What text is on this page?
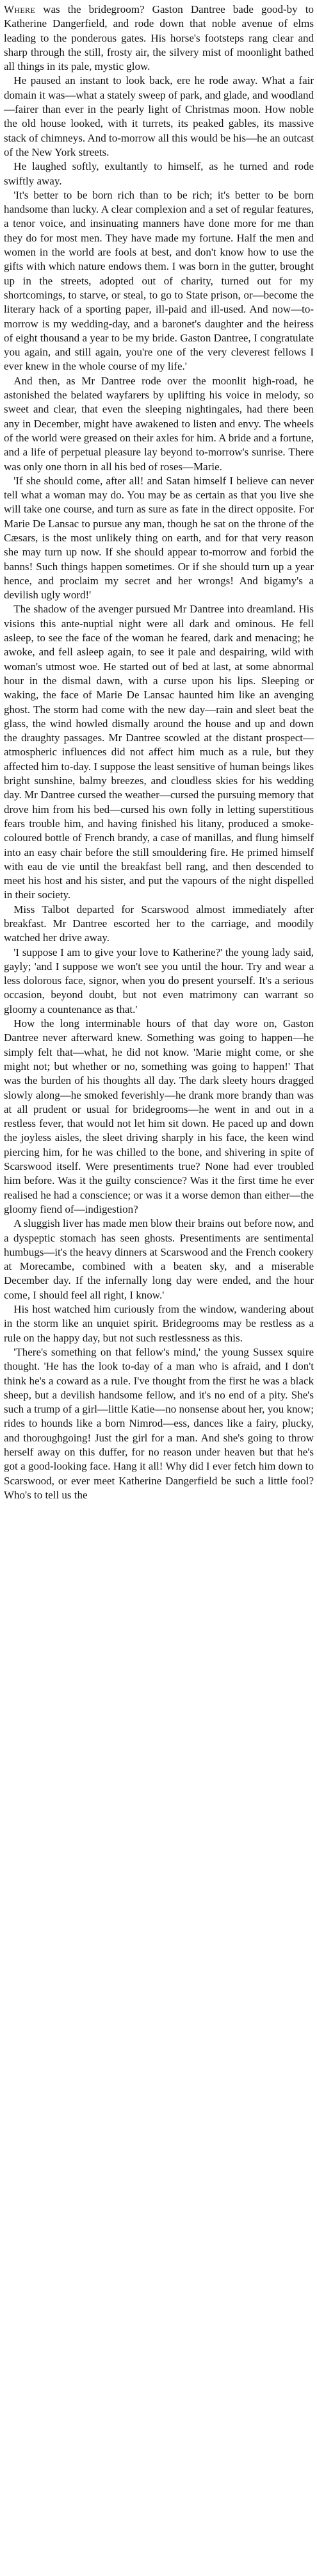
Where was the bridegroom? Gaston Dantree bade good-by to Katherine Dangerfield, and rode down that noble avenue of elms leading to the ponderous gates. His horse's footsteps rang clear and sharp through the still, frosty air, the silvery mist of moonlight bathed all things in its pale, mystic glow.

He paused an instant to look back, ere he rode away. What a fair domain it was—what a stately sweep of park, and glade, and woodland—fairer than ever in the pearly light of Christmas moon. How noble the old house looked, with it turrets, its peaked gables, its massive stack of chimneys. And to-morrow all this would be his—he an outcast of the New York streets.

He laughed softly, exultantly to himself, as he turned and rode swiftly away.

'It's better to be born rich than to be rich; it's better to be born handsome than lucky. A clear complexion and a set of regular features, a tenor voice, and insinuating manners have done more for me than they do for most men. They have made my fortune. Half the men and women in the world are fools at best, and don't know how to use the gifts with which nature endows them. I was born in the gutter, brought up in the streets, adopted out of charity, turned out for my shortcomings, to starve, or steal, to go to State prison, or—become the literary hack of a sporting paper, ill-paid and ill-used. And now—to-morrow is my wedding-day, and a baronet's daughter and the heiress of eight thousand a year to be my bride. Gaston Dantree, I congratulate you again, and still again, you're one of the very cleverest fellows I ever knew in the whole course of my life.'

And then, as Mr Dantree rode over the moonlit high-road, he astonished the belated wayfarers by uplifting his voice in melody, so sweet and clear, that even the sleeping nightingales, had there been any in December, might have awakened to listen and envy. The wheels of the world were greased on their axles for him. A bride and a fortune, and a life of perpetual pleasure lay beyond to-morrow's sunrise. There was only one thorn in all his bed of roses—Marie.

'If she should come, after all! and Satan himself I believe can never tell what a woman may do. You may be as certain as that you live she will take one course, and turn as sure as fate in the direct opposite. For Marie De Lansac to pursue any man, though he sat on the throne of the Cæsars, is the most unlikely thing on earth, and for that very reason she may turn up now. If she should appear to-morrow and forbid the banns! Such things happen sometimes. Or if she should turn up a year hence, and proclaim my secret and her wrongs! And bigamy's a devilish ugly word!'

The shadow of the avenger pursued Mr Dantree into dreamland. His visions this ante-nuptial night were all dark and ominous. He fell asleep, to see the face of the woman he feared, dark and menacing; he awoke, and fell asleep again, to see it pale and despairing, wild with woman's utmost woe. He started out of bed at last, at some abnormal hour in the dismal dawn, with a curse upon his lips. Sleeping or waking, the face of Marie De Lansac haunted him like an avenging ghost. The storm had come with the new day—rain and sleet beat the glass, the wind howled dismally around the house and up and down the draughty passages. Mr Dantree scowled at the distant prospect—atmospheric influences did not affect him much as a rule, but they affected him to-day. I suppose the least sensitive of human beings likes bright sunshine, balmy breezes, and cloudless skies for his wedding day. Mr Dantree cursed the weather—cursed the pursuing memory that drove him from his bed—cursed his own folly in letting superstitious fears trouble him, and having finished his litany, produced a smoke-coloured bottle of French brandy, a case of manillas, and flung himself into an easy chair before the still smouldering fire. He primed himself with eau de vie until the breakfast bell rang, and then descended to meet his host and his sister, and put the vapours of the night dispelled in their society.

Miss Talbot departed for Scarswood almost immediately after breakfast. Mr Dantree escorted her to the carriage, and moodily watched her drive away.

'I suppose I am to give your love to Katherine?' the young lady said, gayly; 'and I suppose we won't see you until the hour. Try and wear a less dolorous face, signor, when you do present yourself. It's a serious occasion, beyond doubt, but not even matrimony can warrant so gloomy a countenance as that.'

How the long interminable hours of that day wore on, Gaston Dantree never afterward knew. Something was going to happen—he simply felt that—what, he did not know. 'Marie might come, or she might not; but whether or no, something was going to happen!' That was the burden of his thoughts all day. The dark sleety hours dragged slowly along—he smoked feverishly—he drank more brandy than was at all prudent or usual for bridegrooms—he went in and out in a restless fever, that would not let him sit down. He paced up and down the joyless aisles, the sleet driving sharply in his face, the keen wind piercing him, for he was chilled to the bone, and shivering in spite of Scarswood itself. Were presentiments true? None had ever troubled him before. Was it the guilty conscience? Was it the first time he ever realised he had a conscience; or was it a worse demon than either—the gloomy fiend of—indigestion?

A sluggish liver has made men blow their brains out before now, and a dyspeptic stomach has seen ghosts. Presentiments are sentimental humbugs—it's the heavy dinners at Scarswood and the French cookery at Morecambe, combined with a beaten sky, and a miserable December day. If the infernally long day were ended, and the hour come, I should feel all right, I know.'

His host watched him curiously from the window, wandering about in the storm like an unquiet spirit. Bridegrooms may be restless as a rule on the happy day, but not such restlessness as this.

'There's something on that fellow's mind,' the young Sussex squire thought. 'He has the look to-day of a man who is afraid, and I don't think he's a coward as a rule. I've thought from the first he was a black sheep, but a devilish handsome fellow, and it's no end of a pity. She's such a trump of a girl—little Katie—no nonsense about her, you know; rides to hounds like a born Nimrod—ess, dances like a fairy, plucky, and thoroughgoing! Just the girl for a man. And she's going to throw herself away on this duffer, for no reason under heaven but that he's got a good-looking face. Hang it all! Why did I ever fetch him down to Scarswood, or ever meet Katherine Dangerfield be such a little fool? Who's to tell us the
